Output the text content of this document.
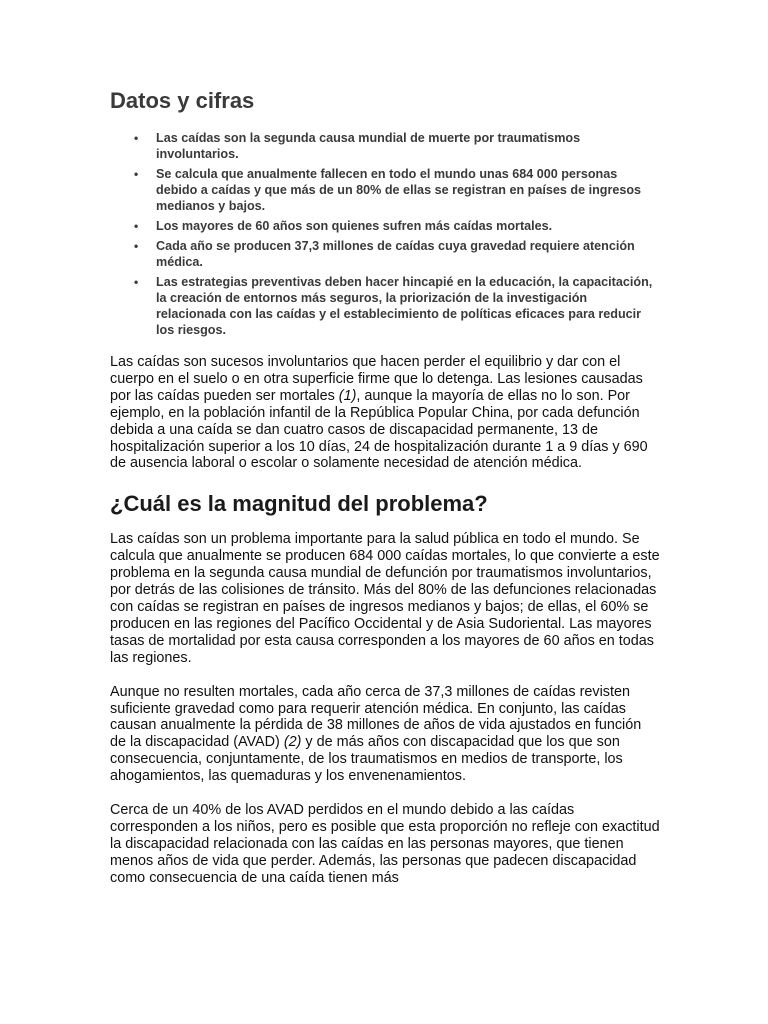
Datos y cifras
• Las caídas son la segunda causa mundial de muerte por traumatismos involuntarios.
• Se calcula que anualmente fallecen en todo el mundo unas 684 000 personas debido a caídas y que más de un 80% de ellas se registran en países de ingresos medianos y bajos.
• Los mayores de 60 años son quienes sufren más caídas mortales.
• Cada año se producen 37,3 millones de caídas cuya gravedad requiere atención médica.
• Las estrategias preventivas deben hacer hincapié en la educación, la capacitación, la creación de entornos más seguros, la priorización de la investigación relacionada con las caídas y el establecimiento de políticas eficaces para reducir los riesgos.

Las caídas son sucesos involuntarios que hacen perder el equilibrio y dar con el cuerpo en el suelo o en otra superficie firme que lo detenga. Las lesiones causadas por las caídas pueden ser mortales (1), aunque la mayoría de ellas no lo son. Por ejemplo, en la población infantil de la República Popular China, por cada defunción debida a una caída se dan cuatro casos de discapacidad permanente, 13 de hospitalización superior a los 10 días, 24 de hospitalización durante 1 a 9 días y 690 de ausencia laboral o escolar o solamente necesidad de atención médica.

¿Cuál es la magnitud del problema?

Las caídas son un problema importante para la salud pública en todo el mundo. Se calcula que anualmente se producen 684 000 caídas mortales, lo que convierte a este problema en la segunda causa mundial de defunción por traumatismos involuntarios, por detrás de las colisiones de tránsito. Más del 80% de las defunciones relacionadas con caídas se registran en países de ingresos medianos y bajos; de ellas, el 60% se producen en las regiones del Pacífico Occidental y de Asia Sudoriental. Las mayores tasas de mortalidad por esta causa corresponden a los mayores de 60 años en todas las regiones.

Aunque no resulten mortales, cada año cerca de 37,3 millones de caídas revisten suficiente gravedad como para requerir atención médica. En conjunto, las caídas causan anualmente la pérdida de 38 millones de años de vida ajustados en función de la discapacidad (AVAD) (2) y de más años con discapacidad que los que son consecuencia, conjuntamente, de los traumatismos en medios de transporte, los ahogamientos, las quemaduras y los envenenamientos.

Cerca de un 40% de los AVAD perdidos en el mundo debido a las caídas corresponden a los niños, pero es posible que esta proporción no refleje con exactitud la discapacidad relacionada con las caídas en las personas mayores, que tienen menos años de vida que perder. Además, las personas que padecen discapacidad como consecuencia de una caída tienen más
